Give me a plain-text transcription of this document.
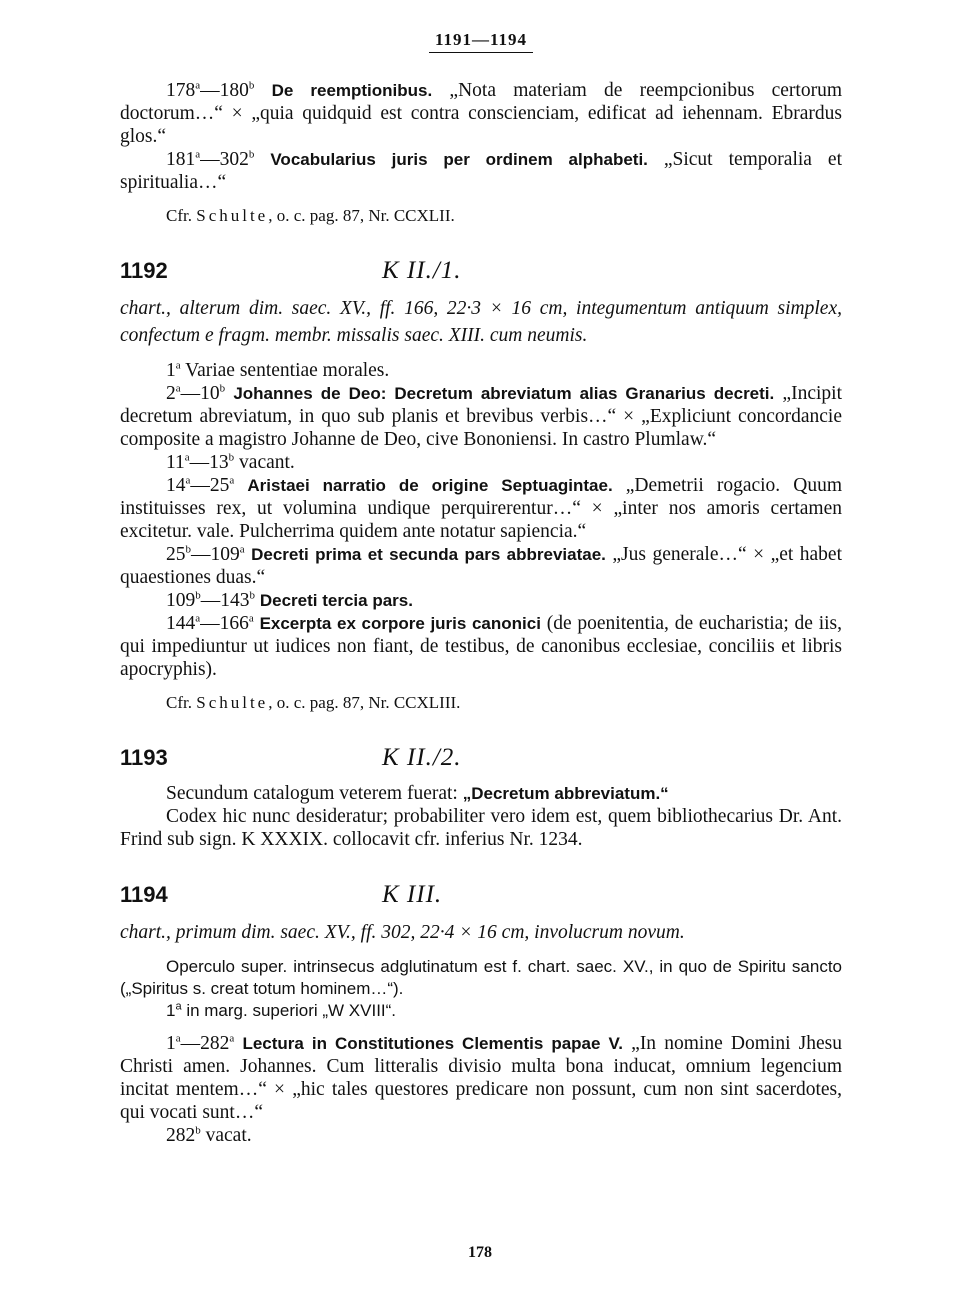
1191—1194

178$^a$—180$^b$ De reemptionibus. „Nota materiam de reempcionibus certorum doctorum…“ × „quia quidquid est contra conscienciam, edificat ad iehennam. Ebrardus glos.“

181$^a$—302$^b$ Vocabularius juris per ordinem alphabeti. „Sicut temporalia et spiritualia…“

Cfr. Schulte, o. c. pag. 87, Nr. CCXLII.

1192	K II./1.

chart., alterum dim. saec. XV., ff. 166, 22·3 × 16 cm, integumentum antiquum simplex, confectum e fragm. membr. missalis saec. XIII. cum neumis.

1$^a$ Variae sententiae morales.

2$^a$—10$^b$ Johannes de Deo: Decretum abreviatum alias Granarius decreti. „Incipit decretum abreviatum, in quo sub planis et brevibus verbis…“ × „Expliciunt concordancie composite a magistro Johanne de Deo, cive Bononiensi. In castro Plumlaw.“

11$^a$—13$^b$ vacant.

14$^a$—25$^a$ Aristaei narratio de origine Septuagintae. „Demetrii rogacio. Quum instituisses rex, ut volumina undique perquirerentur…“ × „inter nos amoris certamen excitetur. vale. Pulcherrima quidem ante notatur sapiencia.“

25$^b$—109$^a$ Decreti prima et secunda pars abbreviatae. „Jus generale…“ × „et habet quaestiones duas.“

109$^b$—143$^b$ Decreti tercia pars.

144$^a$—166$^a$ Excerpta ex corpore juris canonici (de poenitentia, de eucharistia; de iis, qui impediuntur ut iudices non fiant, de testibus, de canonibus ecclesiae, conciliis et libris apocryphis).

Cfr. Schulte, o. c. pag. 87, Nr. CCXLIII.

1193	K II./2.

Secundum catalogum veterem fuerat: „Decretum abbreviatum.“

Codex hic nunc desideratur; probabiliter vero idem est, quem bibliothecarius Dr. Ant. Frind sub sign. K XXXIX. collocavit cfr. inferius Nr. 1234.

1194	K III.

chart., primum dim. saec. XV., ff. 302, 22·4 × 16 cm, involucrum novum.

Operculo super. intrinsecus adglutinatum est f. chart. saec. XV., in quo de Spiritu sancto („Spiritus s. creat totum hominem…“).

1$^a$ in marg. superiori „W XVIII“.

1$^a$—282$^a$ Lectura in Constitutiones Clementis papae V. „In nomine Domini Jhesu Christi amen. Johannes. Cum litteralis divisio multa bona inducat, omnium legencium incitat mentem…“ × „hic tales questores predicare non possunt, cum non sint sacerdotes, qui vocati sunt…“

282$^b$ vacat.

178
